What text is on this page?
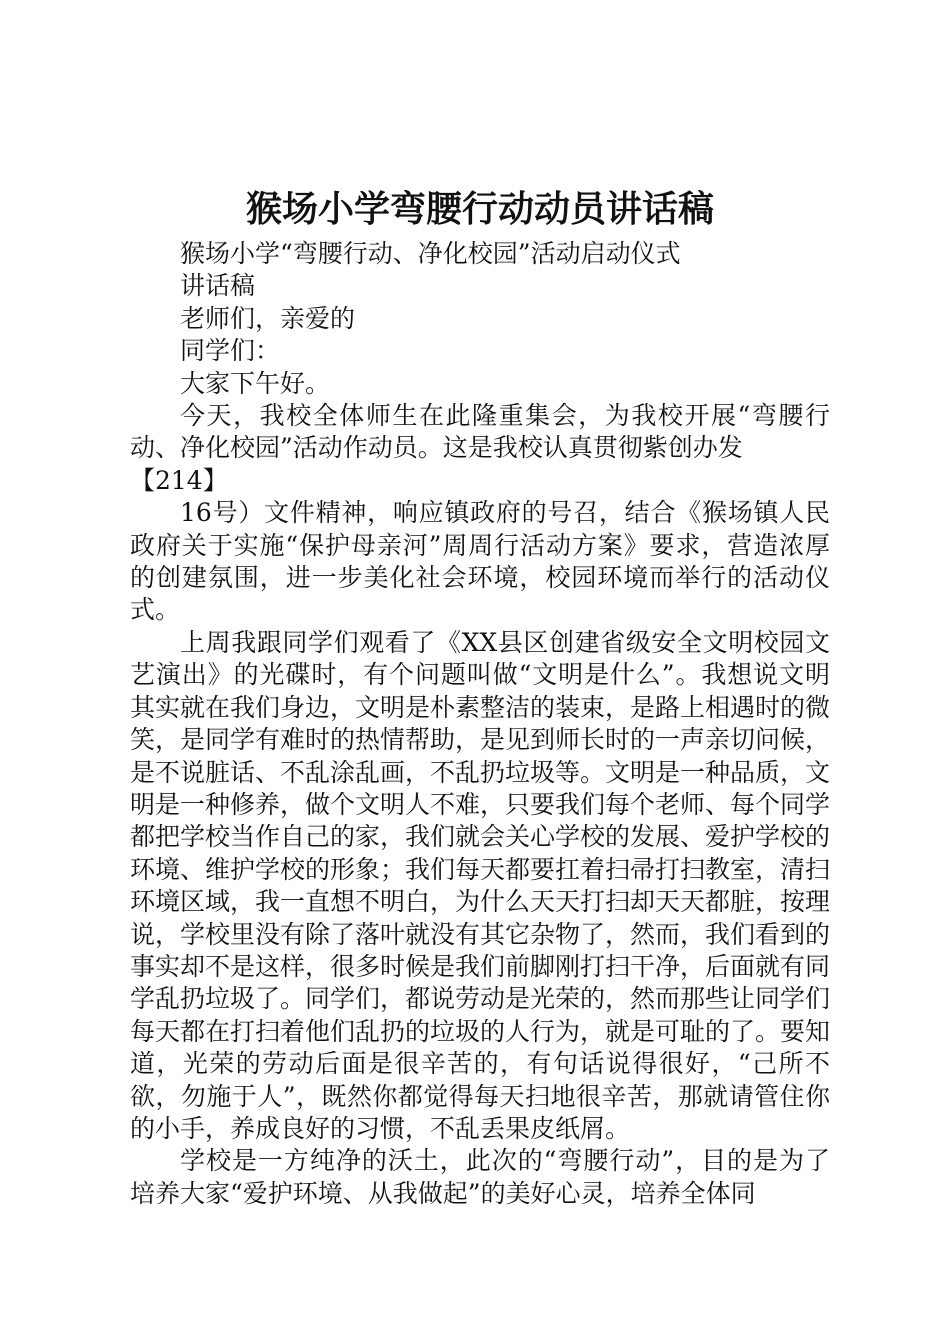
猴场小学弯腰行动动员讲话稿

猴场小学“弯腰行动、净化校园”活动启动仪式

讲话稿

老师们，亲爱的

同学们：

大家下午好。

今天，我校全体师生在此隆重集会，为我校开展“弯腰行动、净化校园”活动作动员。这是我校认真贯彻紫创办发

【214】

16号）文件精神，响应镇政府的号召，结合《猴场镇人民政府关于实施“保护母亲河”周周行活动方案》要求，营造浓厚的创建氛围，进一步美化社会环境，校园环境而举行的活动仪式。

上周我跟同学们观看了《XX县区创建省级安全文明校园文艺演出》的光碟时，有个问题叫做“文明是什么”。我想说文明其实就在我们身边，文明是朴素整洁的装束，是路上相遇时的微笑，是同学有难时的热情帮助，是见到师长时的一声亲切问候，是不说脏话、不乱涂乱画，不乱扔垃圾等。文明是一种品质，文明是一种修养，做个文明人不难，只要我们每个老师、每个同学都把学校当作自己的家，我们就会关心学校的发展、爱护学校的环境、维护学校的形象；我们每天都要扛着扫帚打扫教室，清扫环境区域，我一直想不明白，为什么天天打扫却天天都脏，按理说，学校里没有除了落叶就没有其它杂物了，然而，我们看到的事实却不是这样，很多时候是我们前脚刚打扫干净，后面就有同学乱扔垃圾了。同学们，都说劳动是光荣的，然而那些让同学们每天都在打扫着他们乱扔的垃圾的人行为，就是可耻的了。要知道，光荣的劳动后面是很辛苦的，有句话说得很好，“己所不欲，勿施于人”，既然你都觉得每天扫地很辛苦，那就请管住你的小手，养成良好的习惯，不乱丢果皮纸屑。

学校是一方纯净的沃土，此次的“弯腰行动”，目的是为了培养大家“爱护环境、从我做起”的美好心灵，培养全体同
